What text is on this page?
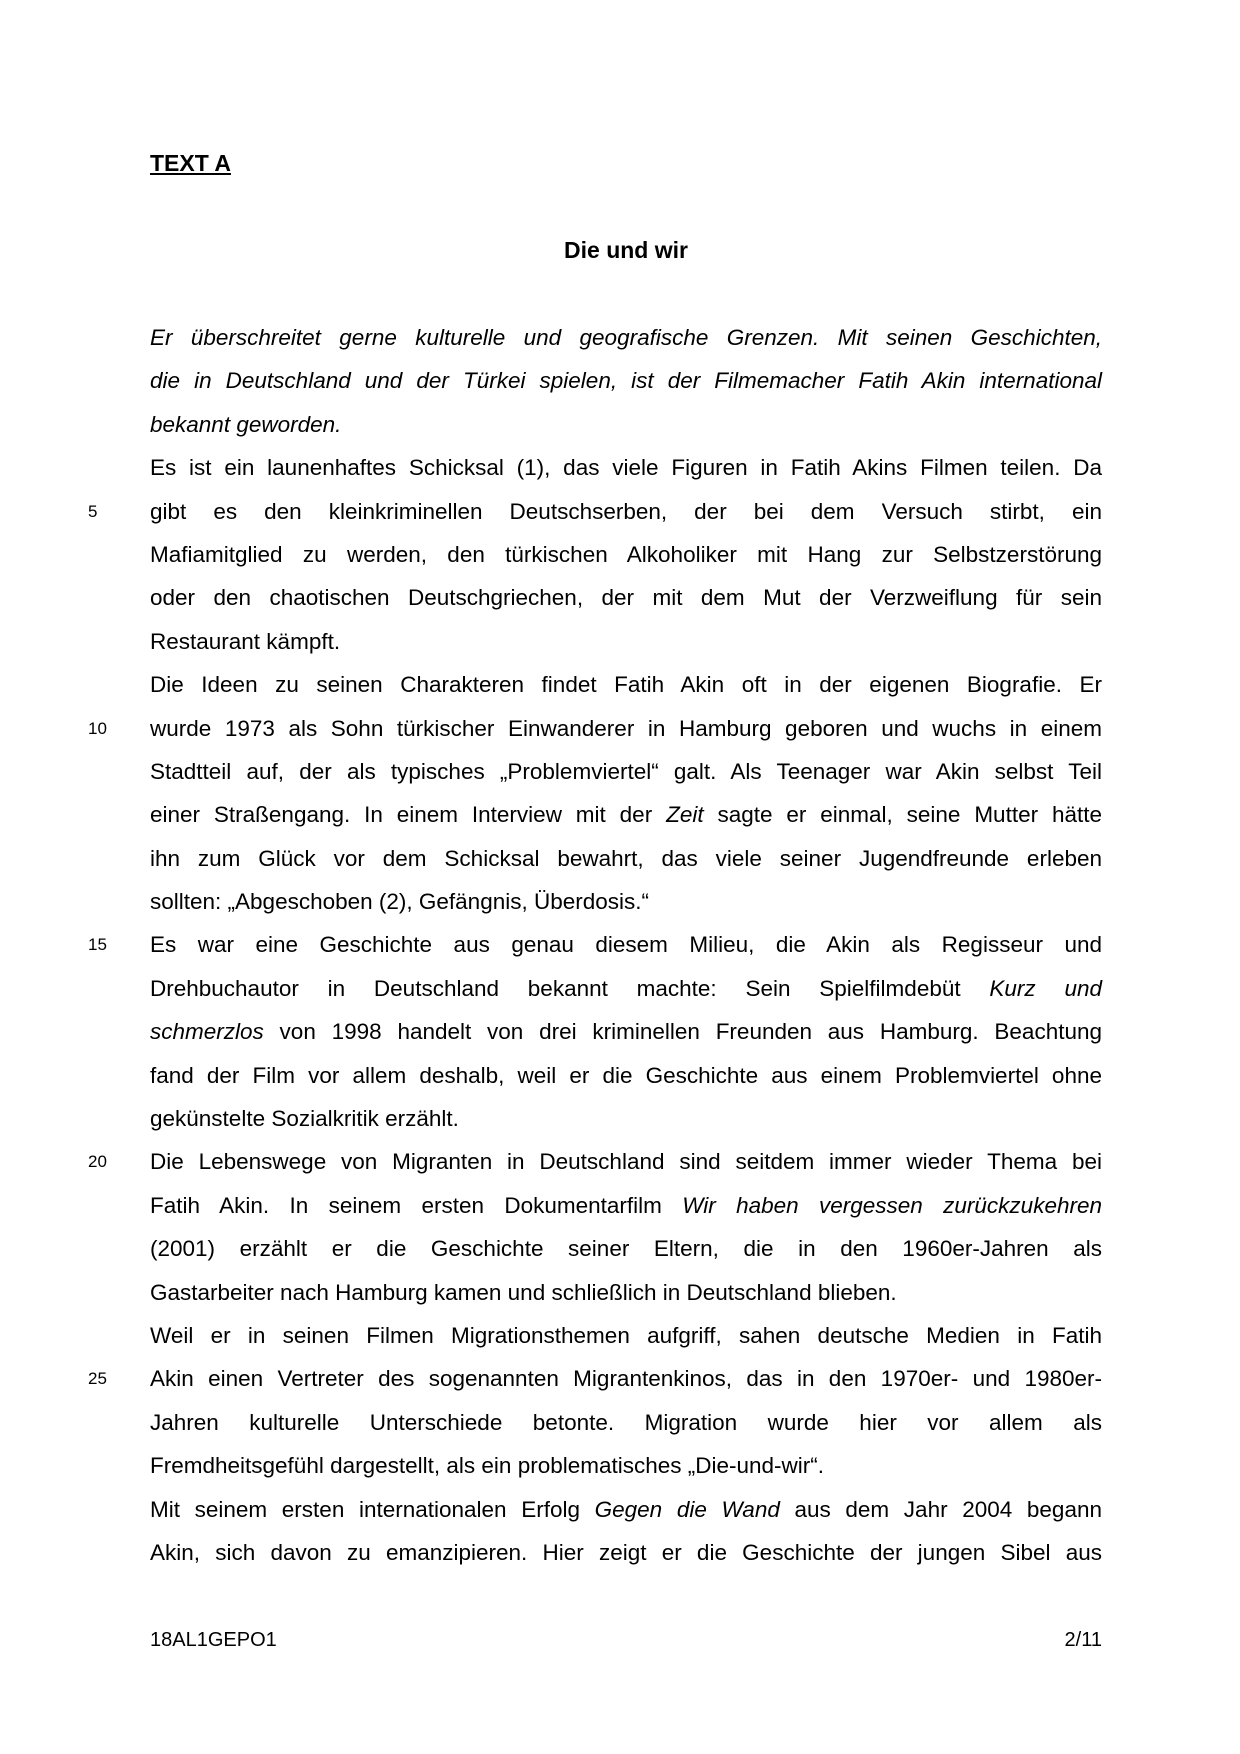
TEXT A
Die und wir
Er überschreitet gerne kulturelle und geografische Grenzen. Mit seinen Geschichten,
die in Deutschland und der Türkei spielen, ist der Filmemacher Fatih Akin international
bekannt geworden.
Es ist ein launenhaftes Schicksal (1), das viele Figuren in Fatih Akins Filmen teilen. Da
5 gibt es den kleinkriminellen Deutschserben, der bei dem Versuch stirbt, ein
Mafiamitglied zu werden, den türkischen Alkoholiker mit Hang zur Selbstzerstörung
oder den chaotischen Deutschgriechen, der mit dem Mut der Verzweiflung für sein
Restaurant kämpft.
Die Ideen zu seinen Charakteren findet Fatih Akin oft in der eigenen Biografie. Er
10 wurde 1973 als Sohn türkischer Einwanderer in Hamburg geboren und wuchs in einem
Stadtteil auf, der als typisches „Problemviertel“ galt. Als Teenager war Akin selbst Teil
einer Straßengang. In einem Interview mit der Zeit sagte er einmal, seine Mutter hätte
ihn zum Glück vor dem Schicksal bewahrt, das viele seiner Jugendfreunde erleben
sollten: „Abgeschoben (2), Gefängnis, Überdosis.“
15 Es war eine Geschichte aus genau diesem Milieu, die Akin als Regisseur und
Drehbuchautor in Deutschland bekannt machte: Sein Spielfilmdebüt Kurz und
schmerzlos von 1998 handelt von drei kriminellen Freunden aus Hamburg. Beachtung
fand der Film vor allem deshalb, weil er die Geschichte aus einem Problemviertel ohne
gekünstelte Sozialkritik erzählt.
20 Die Lebenswege von Migranten in Deutschland sind seitdem immer wieder Thema bei
Fatih Akin. In seinem ersten Dokumentarfilm Wir haben vergessen zurückzukehren
(2001) erzählt er die Geschichte seiner Eltern, die in den 1960er-Jahren als
Gastarbeiter nach Hamburg kamen und schließlich in Deutschland blieben.
Weil er in seinen Filmen Migrationsthemen aufgriff, sahen deutsche Medien in Fatih
25 Akin einen Vertreter des sogenannten Migrantenkinos, das in den 1970er- und 1980er-
Jahren kulturelle Unterschiede betonte. Migration wurde hier vor allem als
Fremdheitsgefühl dargestellt, als ein problematisches „Die-und-wir“.
Mit seinem ersten internationalen Erfolg Gegen die Wand aus dem Jahr 2004 begann
Akin, sich davon zu emanzipieren. Hier zeigt er die Geschichte der jungen Sibel aus
18AL1GEPO1	2/11
